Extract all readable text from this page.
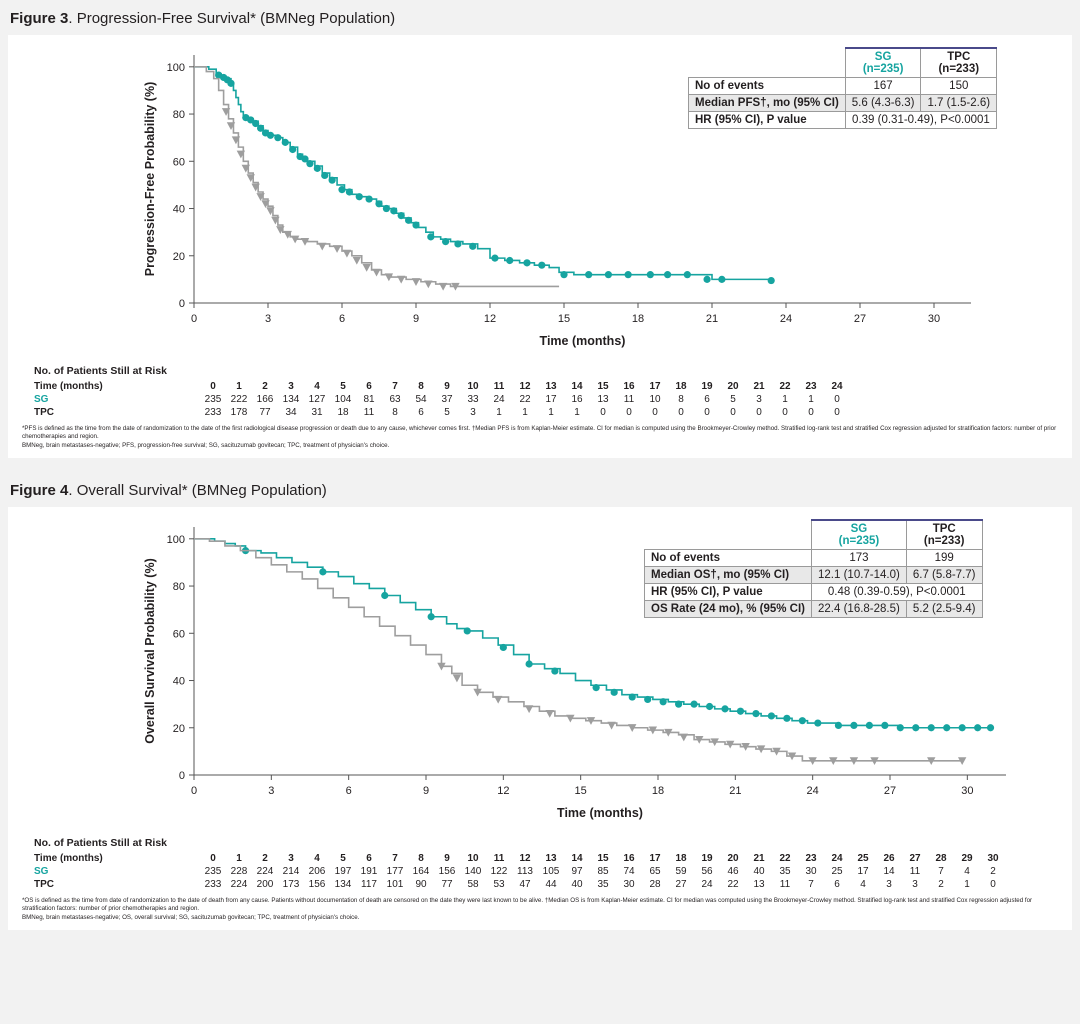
Figure 3. Progression-Free Survival* (BMNeg Population)
0
20
40
60
80
100
0	3	6	9	12	15	18	21	24	27	30
Time (months)
Progression-Free Probability (%)
	SG
(n=235)	TPC
(n=233)
No of events	167	150
Median PFS†, mo (95% CI)	5.6 (4.3-6.3)	1.7 (1.5-2.6)
HR (95% CI), P value	0.39 (0.31-0.49), P<0.0001	
No. of Patients Still at Risk
Time (months)	0	1	2	3	4	5	6	7	8	9	10	11	12	13	14	15	16	17	18	19	20	21	22	23	24
SG	235	222	166	134	127	104	81	63	54	37	33	24	22	17	16	13	11	10	8	6	5	3	1	1	0
TPC	233	178	77	34	31	18	11	8	6	5	3	1	1	1	1	0	0	0	0	0	0	0	0	0	0
*PFS is defined as the time from the date of randomization to the date of the first radiological disease progression or death due to any cause, whichever comes first. †Median PFS is from Kaplan-Meier estimate. CI for median is computed using the Brookmeyer-Crowley method. Stratified log-rank test and stratified Cox regression adjusted for stratification factors: number of prior chemotherapies and region.
BMNeg, brain metastases-negative; PFS, progression-free survival; SG, sacituzumab govitecan; TPC, treatment of physician's choice.
Figure 4. Overall Survival* (BMNeg Population)
0
20
40
60
80
100
0	3	6	9	12	15	18	21	24	27	30
Time (months)
Overall Survival Probability (%)
	SG
(n=235)	TPC
(n=233)
No of events	173	199
Median OS†, mo (95% CI)	12.1 (10.7-14.0)	6.7 (5.8-7.7)
HR (95% CI), P value	0.48 (0.39-0.59), P<0.0001	
OS Rate (24 mo), % (95% CI)	22.4 (16.8-28.5)	5.2 (2.5-9.4)
No. of Patients Still at Risk
Time (months)	0	1	2	3	4	5	6	7	8	9	10	11	12	13	14	15	16	17	18	19	20	21	22	23	24	25	26	27	28	29	30
SG	235	228	224	214	206	197	191	177	164	156	140	122	113	105	97	85	74	65	59	56	46	40	35	30	25	17	14	11	7	4	2
TPC	233	224	200	173	156	134	117	101	90	77	58	53	47	44	40	35	30	28	27	24	22	13	11	7	6	4	3	3	2	1	0
*OS is defined as the time from date of randomization to the date of death from any cause. Patients without documentation of death are censored on the date they were last known to be alive. †Median OS is from Kaplan-Meier estimate. CI for median was computed using the Brookmeyer-Crowley method. Stratified log-rank test and stratified Cox regression adjusted for stratification factors: number of prior chemotherapies and region.
BMNeg, brain metastases-negative; OS, overall survival; SG, sacituzumab govitecan; TPC, treatment of physician's choice.
